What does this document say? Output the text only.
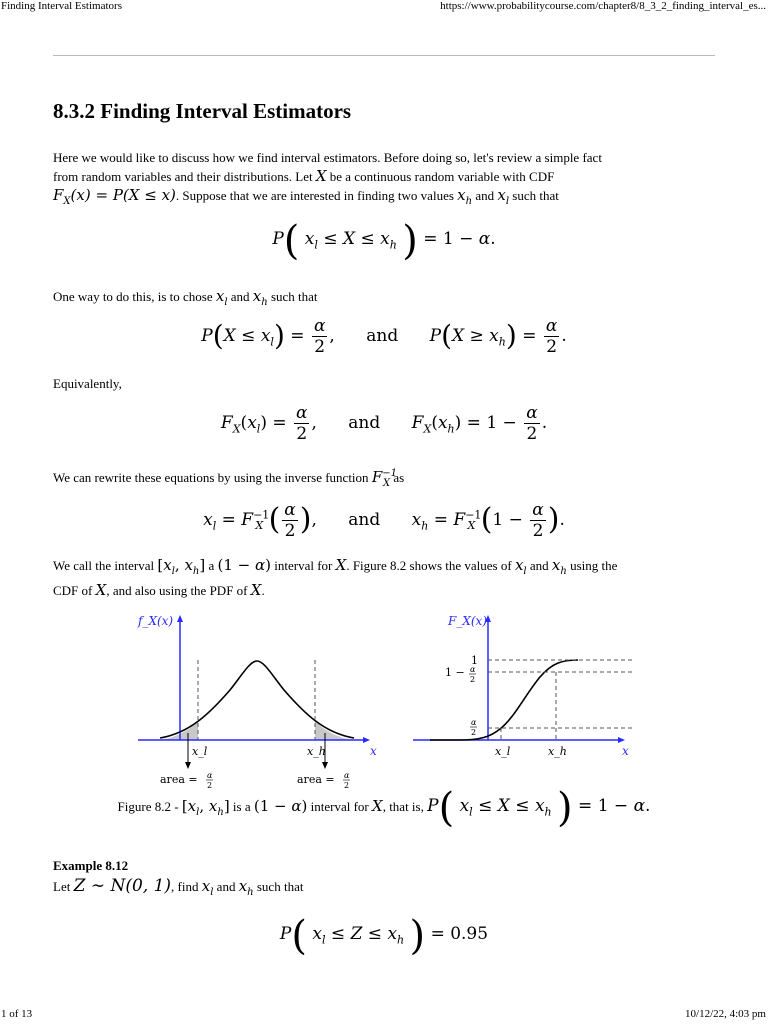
Finding Interval Estimators	https://www.probabilitycourse.com/chapter8/8_3_2_finding_interval_es...
8.3.2 Finding Interval Estimators
Here we would like to discuss how we find interval estimators. Before doing so, let's review a simple fact
from random variables and their distributions. Let X be a continuous random variable with CDF
$F_X(x) = P(X \le x)$. Suppose that we are interested in finding two values $x_h$ and $x_l$ such that
P( $x_l \le X \le x_h$ ) = 1 − α.
One way to do this, is to chose $x_l$ and $x_h$ such that
$P(X \le x_l) = \frac{\alpha}{2}$ , and $P(X \ge x_h) = \frac{\alpha}{2}$ .
Equivalently,
$F_X(x_l) = \frac{\alpha}{2}$ , and $F_X(x_h) = 1 - \frac{\alpha}{2}$ .
We can rewrite these equations by using the inverse function $F^{-1}_X$ as
$x_l = F^{-1}_X$ ( $\frac{\alpha}{2}$ ), and $x_h = F^{-1}_X$ ($1 - \frac{\alpha}{2}$ ).
We call the interval [$x_l$, $x_h$] a (1 − α) interval for X. Figure 8.2 shows the values of $x_l$ and $x_h$ using the
CDF of X, and also using the PDF of X.
f_X(x)
x
x_l	x_h
area = α
2	area = α
2
F_X(x)
x
x_l	x_h
1
1 − α
2
α
2
Figure $8.2 - [x_l$, $x_h$] is a (1 − α) interval for X, that is, P( $x_l \le X \le x_h$ ) = 1 − α.
Example 8.12
Let Z ∼ N(0, 1), find $x_l$ and $x_h$ such that
P( $x_l \le Z \le x_h$ ) = 0.95
1 of 13	10/12/22, 4:03 pm
